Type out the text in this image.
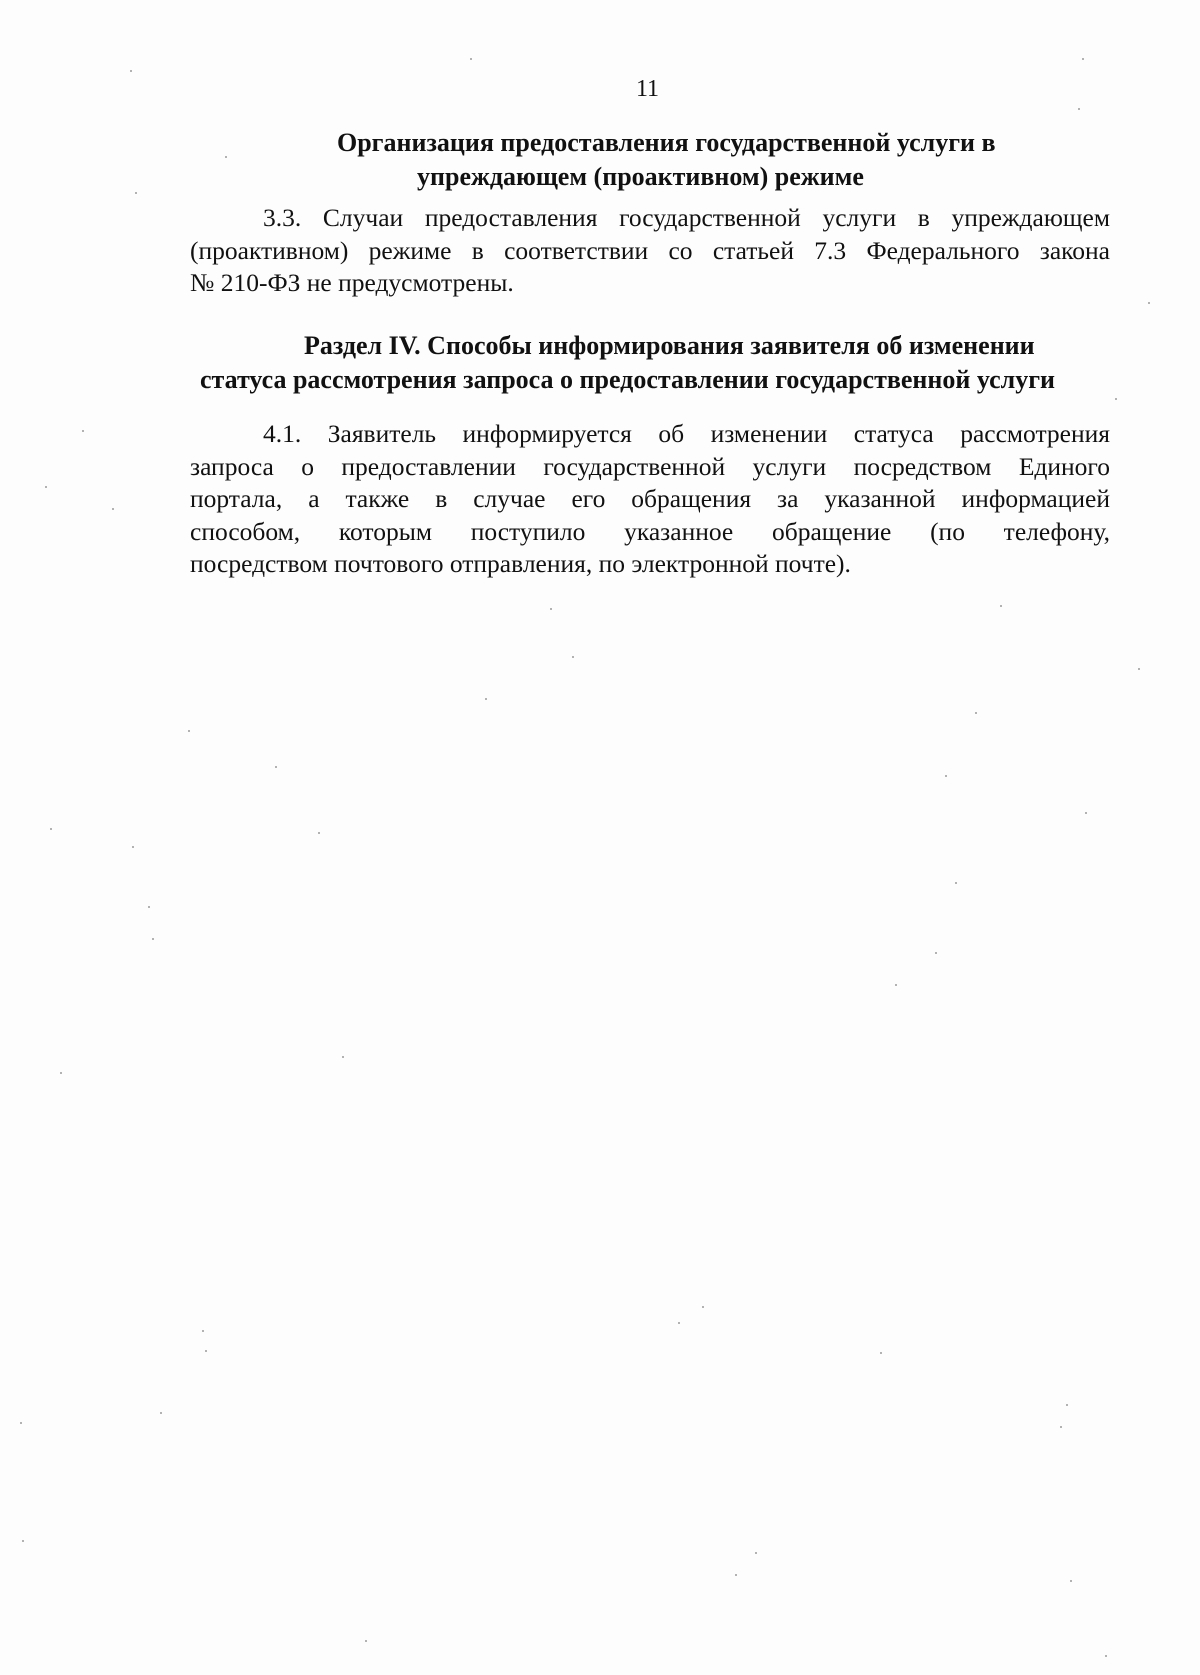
11
Организация предоставления государственной услуги в
упреждающем (проактивном) режиме
3.3. Случаи предоставления государственной услуги в упреждающем
(проактивном) режиме в соответствии со статьей 7.3 Федерального закона
№ 210-ФЗ не предусмотрены.
Раздел IV. Способы информирования заявителя об изменении
статуса рассмотрения запроса о предоставлении государственной услуги
4.1. Заявитель информируется об изменении статуса рассмотрения
запроса о предоставлении государственной услуги посредством Единого
портала, а также в случае его обращения за указанной информацией
способом, которым поступило указанное обращение (по телефону,
посредством почтового отправления, по электронной почте).
